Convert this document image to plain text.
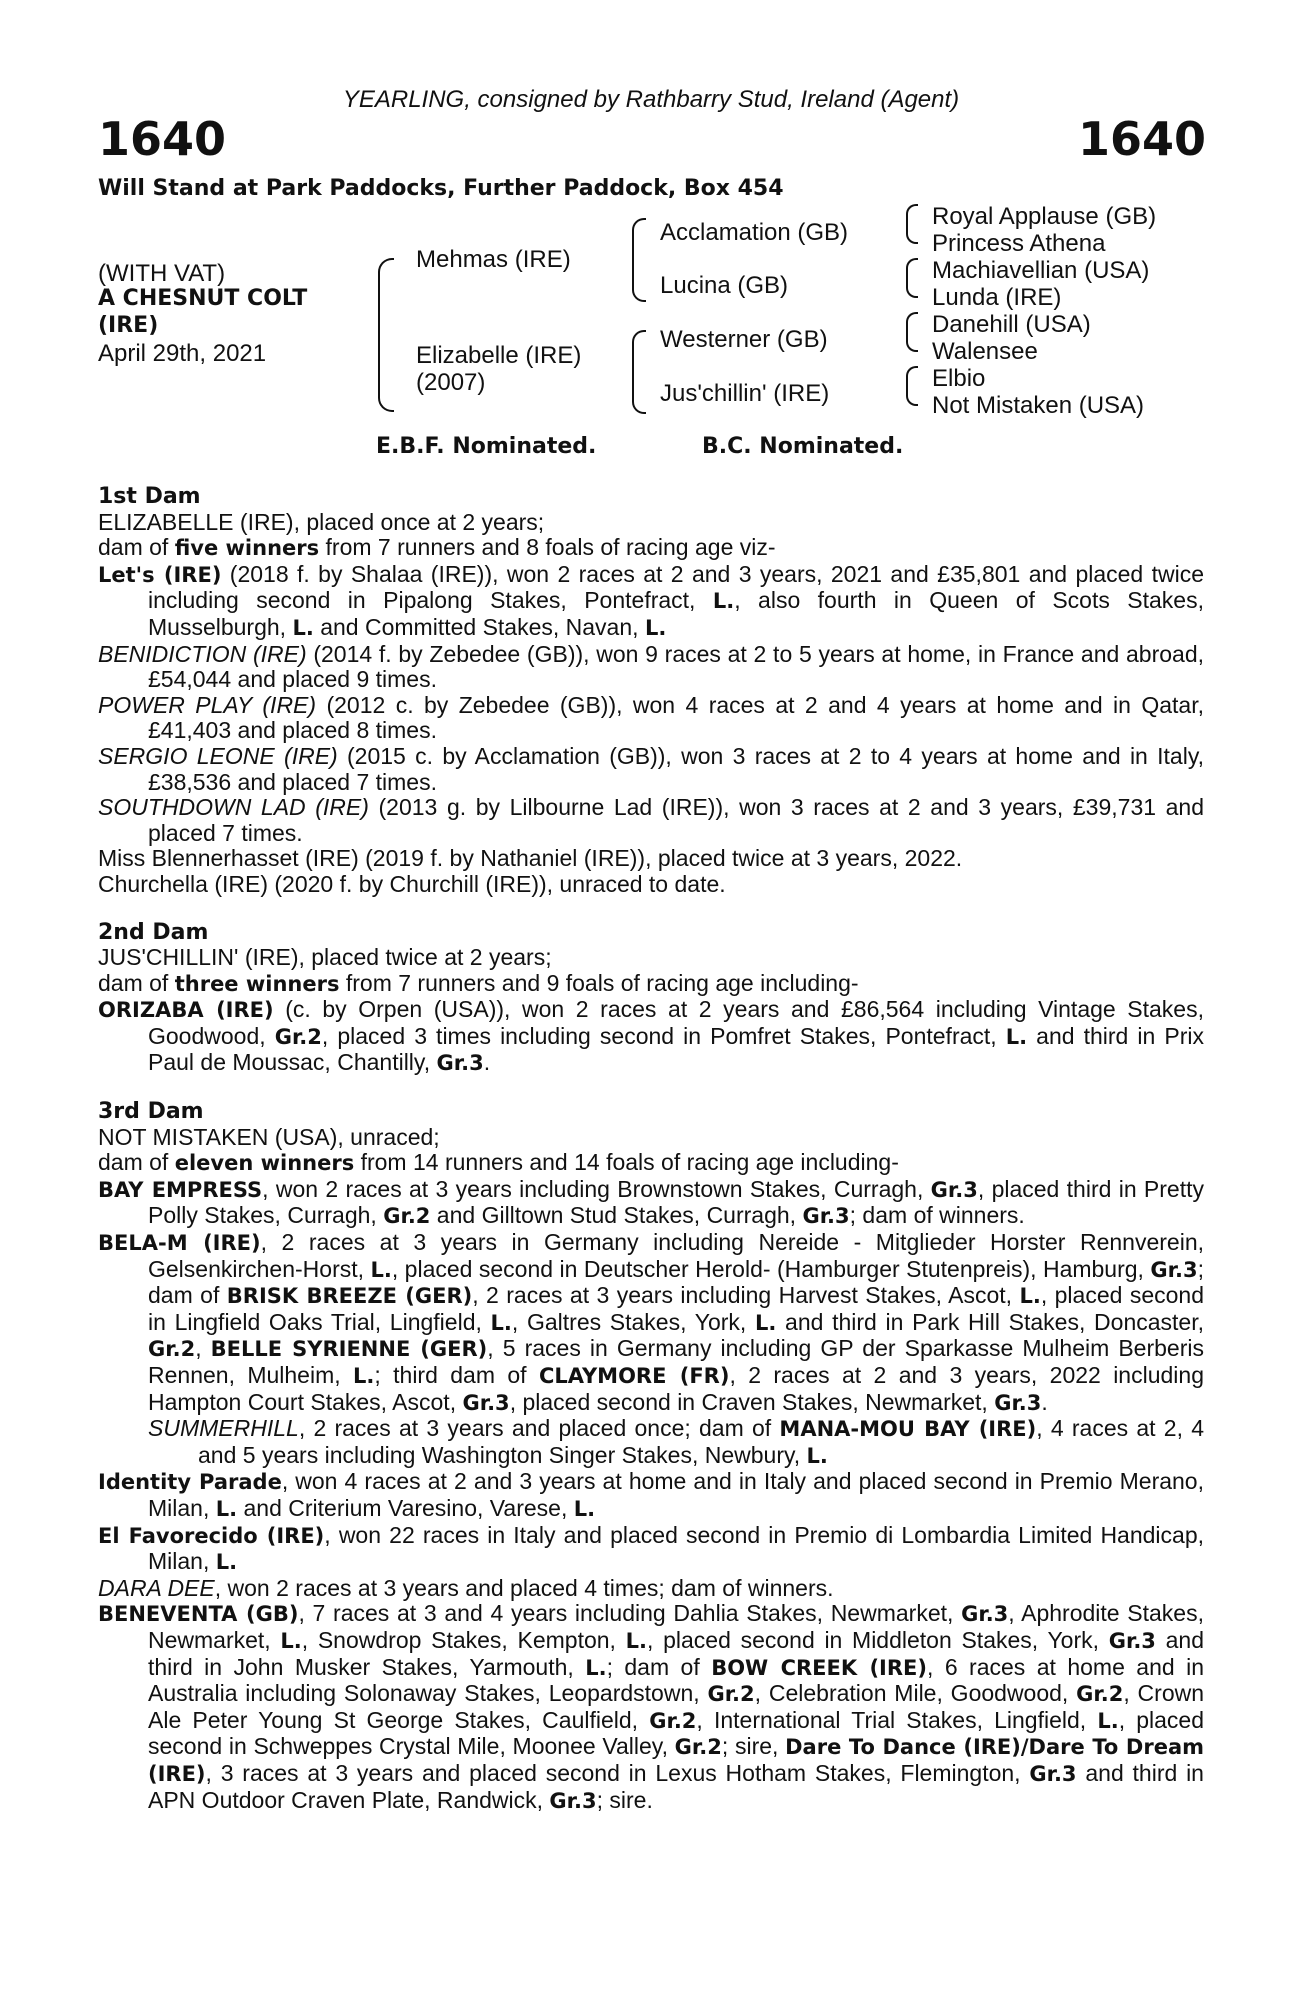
YEARLING, consigned by Rathbarry Stud, Ireland (Agent)
1640	1640
Will Stand at Park Paddocks, Further Paddock, Box 454
(WITH VAT)
A CHESNUT COLT
(IRE)
April 29th, 2021
Mehmas (IRE)
Elizabelle (IRE)
(2007)
Acclamation (GB)
Lucina (GB)
Westerner (GB)
Jus'chillin' (IRE)
Royal Applause (GB)
Princess Athena
Machiavellian (USA)
Lunda (IRE)
Danehill (USA)
Walensee
Elbio
Not Mistaken (USA)
E.B.F. Nominated.	B.C. Nominated.
1st Dam

ELIZABELLE (IRE), placed once at 2 years;

dam of five winners from 7 runners and 8 foals of racing age viz-

Let's (IRE) (2018 f. by Shalaa (IRE)), won 2 races at 2 and 3 years, 2021 and £35,801 and placed twice including second in Pipalong Stakes, Pontefract, L., also fourth in Queen of Scots Stakes, Musselburgh, L. and Committed Stakes, Navan, L.

BENIDICTION (IRE) (2014 f. by Zebedee (GB)), won 9 races at 2 to 5 years at home, in France and abroad, £54,044 and placed 9 times.

POWER PLAY (IRE) (2012 c. by Zebedee (GB)), won 4 races at 2 and 4 years at home and in Qatar, £41,403 and placed 8 times.

SERGIO LEONE (IRE) (2015 c. by Acclamation (GB)), won 3 races at 2 to 4 years at home and in Italy, £38,536 and placed 7 times.

SOUTHDOWN LAD (IRE) (2013 g. by Lilbourne Lad (IRE)), won 3 races at 2 and 3 years, £39,731 and placed 7 times.

Miss Blennerhasset (IRE) (2019 f. by Nathaniel (IRE)), placed twice at 3 years, 2022.

Churchella (IRE) (2020 f. by Churchill (IRE)), unraced to date.

2nd Dam

JUS'CHILLIN' (IRE), placed twice at 2 years;

dam of three winners from 7 runners and 9 foals of racing age including-

ORIZABA (IRE) (c. by Orpen (USA)), won 2 races at 2 years and £86,564 including Vintage Stakes, Goodwood, Gr.2, placed 3 times including second in Pomfret Stakes, Pontefract, L. and third in Prix Paul de Moussac, Chantilly, Gr.3.

3rd Dam

NOT MISTAKEN (USA), unraced;

dam of eleven winners from 14 runners and 14 foals of racing age including-

BAY EMPRESS, won 2 races at 3 years including Brownstown Stakes, Curragh, Gr.3, placed third in Pretty Polly Stakes, Curragh, Gr.2 and Gilltown Stud Stakes, Curragh, Gr.3; dam of winners.

BELA-M (IRE), 2 races at 3 years in Germany including Nereide - Mitglieder Horster Rennverein, Gelsenkirchen-Horst, L., placed second in Deutscher Herold- (Hamburger Stutenpreis), Hamburg, Gr.3; dam of BRISK BREEZE (GER), 2 races at 3 years including Harvest Stakes, Ascot, L., placed second in Lingfield Oaks Trial, Lingfield, L., Galtres Stakes, York, L. and third in Park Hill Stakes, Doncaster, Gr.2, BELLE SYRIENNE (GER), 5 races in Germany including GP der Sparkasse Mulheim Berberis Rennen, Mulheim, L.; third dam of CLAYMORE (FR), 2 races at 2 and 3 years, 2022 including Hampton Court Stakes, Ascot, Gr.3, placed second in Craven Stakes, Newmarket, Gr.3.

SUMMERHILL, 2 races at 3 years and placed once; dam of MANA-MOU BAY (IRE), 4 races at 2, 4 and 5 years including Washington Singer Stakes, Newbury, L.

Identity Parade, won 4 races at 2 and 3 years at home and in Italy and placed second in Premio Merano, Milan, L. and Criterium Varesino, Varese, L.

El Favorecido (IRE), won 22 races in Italy and placed second in Premio di Lombardia Limited Handicap, Milan, L.

DARA DEE, won 2 races at 3 years and placed 4 times; dam of winners.

BENEVENTA (GB), 7 races at 3 and 4 years including Dahlia Stakes, Newmarket, Gr.3, Aphrodite Stakes, Newmarket, L., Snowdrop Stakes, Kempton, L., placed second in Middleton Stakes, York, Gr.3 and third in John Musker Stakes, Yarmouth, L.; dam of BOW CREEK (IRE), 6 races at home and in Australia including Solonaway Stakes, Leopardstown, Gr.2, Celebration Mile, Goodwood, Gr.2, Crown Ale Peter Young St George Stakes, Caulfield, Gr.2, International Trial Stakes, Lingfield, L., placed second in Schweppes Crystal Mile, Moonee Valley, Gr.2; sire, Dare To Dance (IRE)/Dare To Dream (IRE), 3 races at 3 years and placed second in Lexus Hotham Stakes, Flemington, Gr.3 and third in APN Outdoor Craven Plate, Randwick, Gr.3; sire.
